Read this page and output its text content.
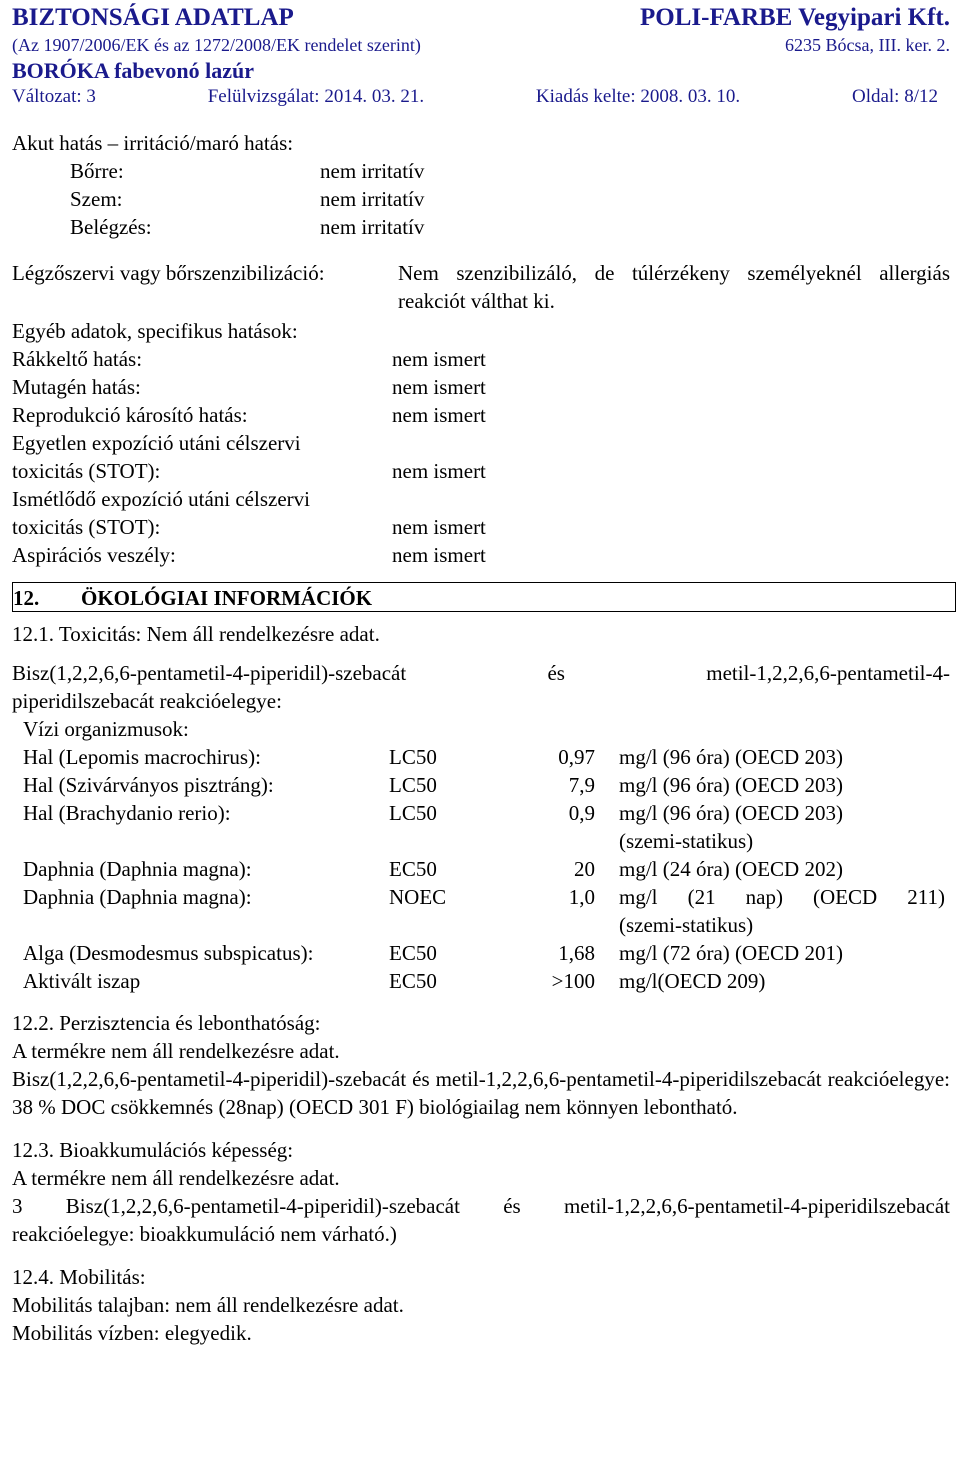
BIZTONSÁGI ADATLAP	POLI-FARBE Vegyipari Kft.
(Az 1907/2006/EK és az 1272/2008/EK rendelet szerint)	6235 Bócsa, III. ker. 2.
BORÓKA fabevonó lazúr
Változat: 3	Felülvizsgálat: 2014. 03. 21.	Kiadás kelte: 2008. 03. 10.	Oldal: 8/12
Akut hatás – irritáció/maró hatás:
Bőrre:	nem irritatív
Szem:	nem irritatív
Belégzés:	nem irritatív
Légzőszervi vagy bőrszenzibilizáció:	Nem szenzibilizáló, de túlérzékeny személyeknél allergiás reakciót válthat ki.
Egyéb adatok, specifikus hatások:
Rákkeltő hatás:	nem ismert
Mutagén hatás:	nem ismert
Reprodukció károsító hatás:	nem ismert
Egyetlen expozíció utáni célszervi
toxicitás (STOT):	nem ismert
Ismétlődő expozíció utáni célszervi
toxicitás (STOT):	nem ismert
Aspirációs veszély:	nem ismert
12. ÖKOLÓGIAI INFORMÁCIÓK
12.1. Toxicitás: Nem áll rendelkezésre adat.
Bisz(1,2,2,6,6-pentametil-4-piperidil)-szebacát és metil-1,2,2,6,6-pentametil-4-
piperidilszebacát reakcióelegye:
Vízi organizmusok:
Hal (Lepomis macrochirus):	LC50	0,97	mg/l (96 óra) (OECD 203)
Hal (Szivárványos pisztráng):	LC50	7,9	mg/l (96 óra) (OECD 203)
Hal (Brachydanio rerio):	LC50	0,9	mg/l (96 óra) (OECD 203)
			(szemi-statikus)
Daphnia (Daphnia magna):	EC50	20	mg/l (24 óra) (OECD 202)
Daphnia (Daphnia magna):	NOEC	1,0	mg/l (21 nap) (OECD 211)
			(szemi-statikus)
Alga (Desmodesmus subspicatus):	EC50	1,68	mg/l (72 óra) (OECD 201)
Aktivált iszap	EC50	>100	mg/l(OECD 209)
12.2. Perzisztencia és lebonthatóság:
A termékre nem áll rendelkezésre adat.
Bisz(1,2,2,6,6-pentametil-4-piperidil)-szebacát és metil-1,2,2,6,6-pentametil-4-piperidilszebacát reakcióelegye: 38 % DOC csökkemnés (28nap) (OECD 301 F) biológiailag nem könnyen lebontható.
12.3. Bioakkumulációs képesség:
A termékre nem áll rendelkezésre adat.
3 Bisz(1,2,2,6,6-pentametil-4-piperidil)-szebacát és metil-1,2,2,6,6-pentametil-4-piperidilszebacát reakcióelegye: bioakkumuláció nem várható.)
12.4. Mobilitás:
Mobilitás talajban: nem áll rendelkezésre adat.
Mobilitás vízben: elegyedik.
